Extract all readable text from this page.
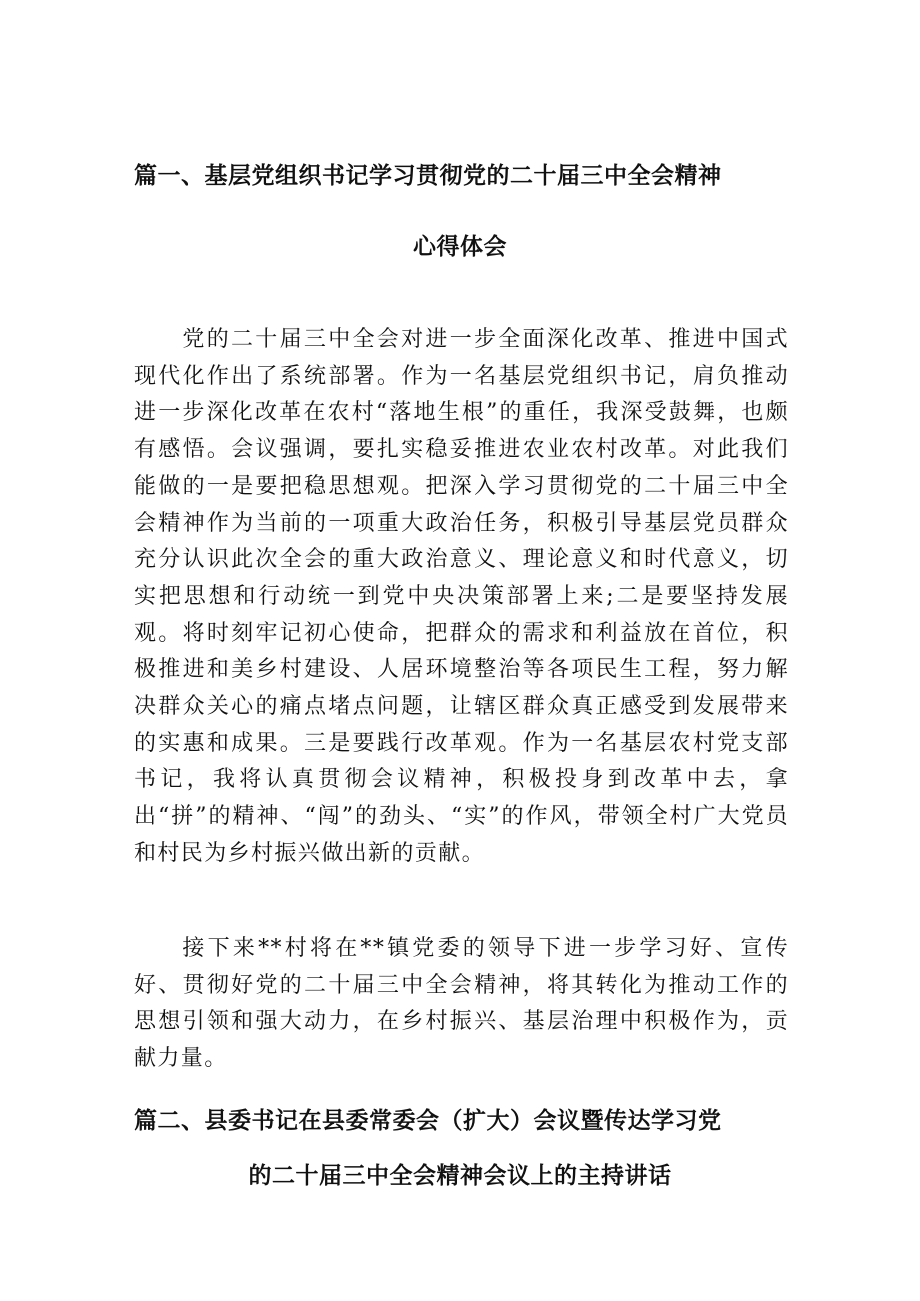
篇一、基层党组织书记学习贯彻党的二十届三中全会精神
心得体会

党的二十届三中全会对进一步全面深化改革、推进中国式现代化作出了系统部署。作为一名基层党组织书记，肩负推动进一步深化改革在农村“落地生根”的重任，我深受鼓舞，也颇有感悟。会议强调，要扎实稳妥推进农业农村改革。对此我们能做的一是要把稳思想观。把深入学习贯彻党的二十届三中全会精神作为当前的一项重大政治任务，积极引导基层党员群众充分认识此次全会的重大政治意义、理论意义和时代意义，切实把思想和行动统一到党中央决策部署上来;二是要坚持发展观。将时刻牢记初心使命，把群众的需求和利益放在首位，积极推进和美乡村建设、人居环境整治等各项民生工程，努力解决群众关心的痛点堵点问题，让辖区群众真正感受到发展带来的实惠和成果。三是要践行改革观。作为一名基层农村党支部书记，我将认真贯彻会议精神，积极投身到改革中去，拿出“拼”的精神、“闯”的劲头、“实”的作风，带领全村广大党员和村民为乡村振兴做出新的贡献。

接下来**村将在**镇党委的领导下进一步学习好、宣传好、贯彻好党的二十届三中全会精神，将其转化为推动工作的思想引领和强大动力，在乡村振兴、基层治理中积极作为，贡献力量。

篇二、县委书记在县委常委会（扩大）会议暨传达学习党
的二十届三中全会精神会议上的主持讲话
